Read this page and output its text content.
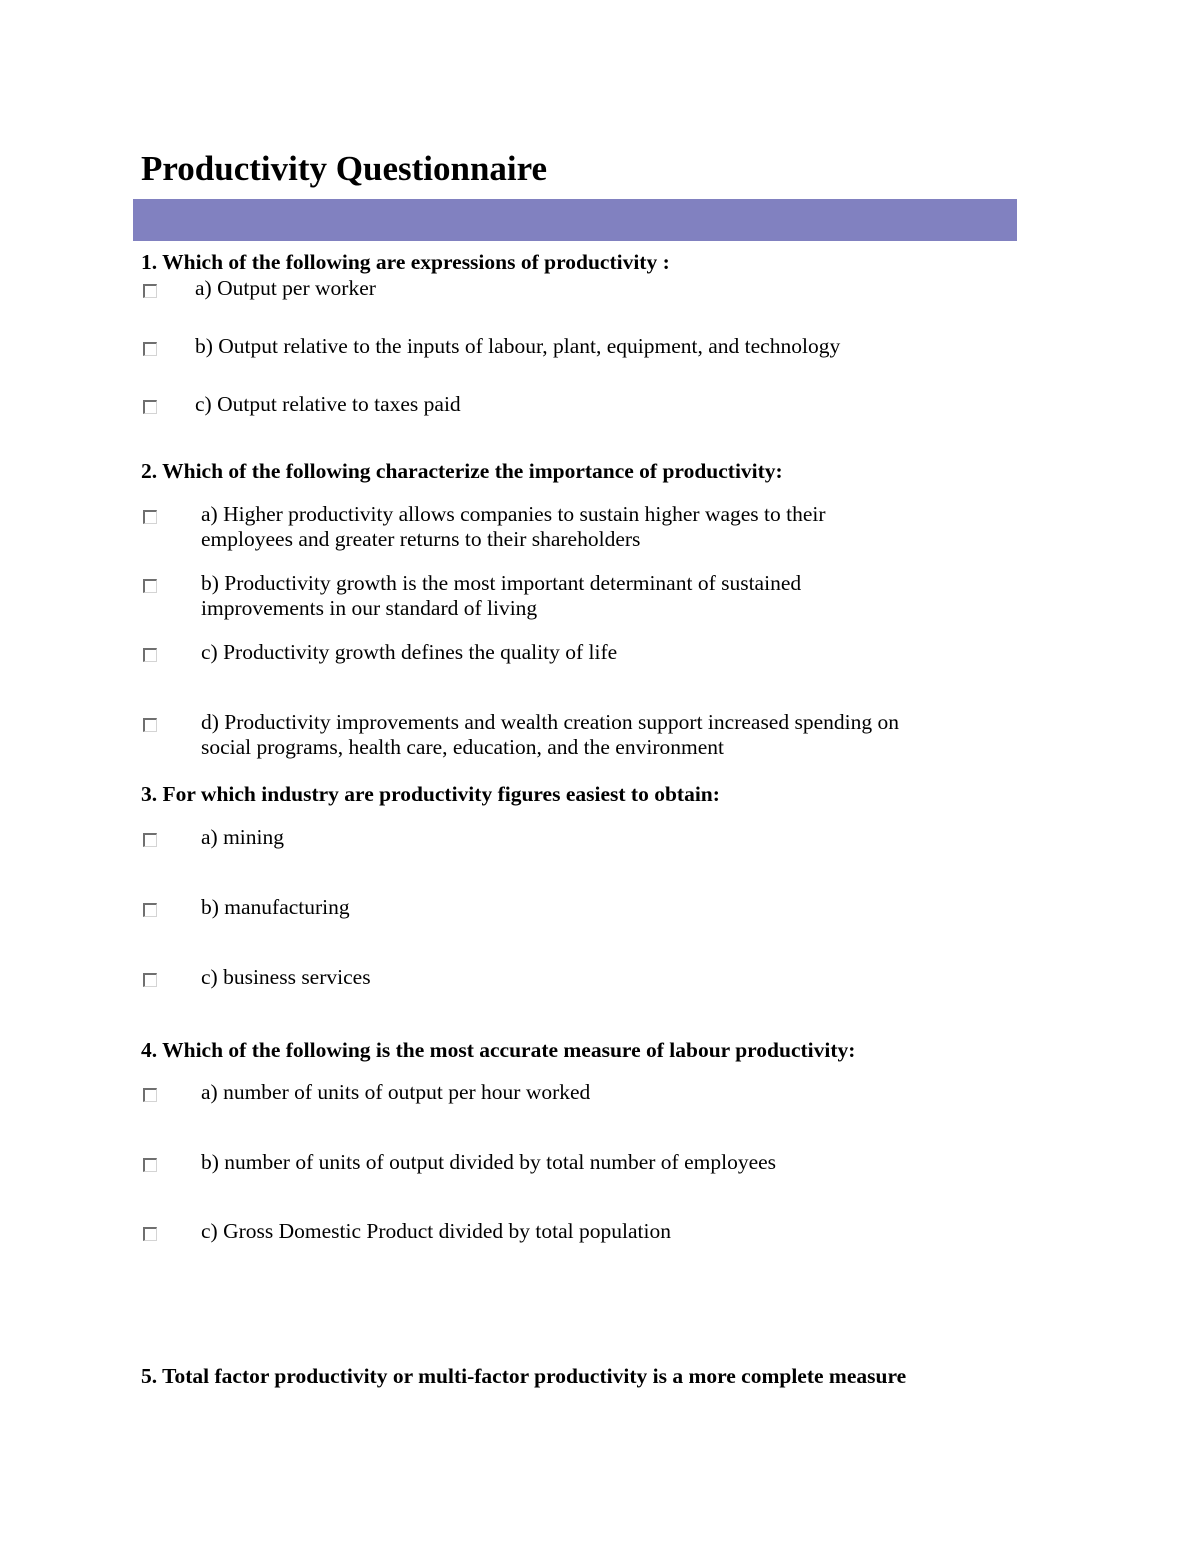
Productivity Questionnaire
1. Which of the following are expressions of productivity :
a) Output per worker
b) Output relative to the inputs of labour, plant, equipment, and technology
c) Output relative to taxes paid
2. Which of the following characterize the importance of productivity:
a) Higher productivity allows companies to sustain higher wages to their
employees and greater returns to their shareholders
b) Productivity growth is the most important determinant of sustained
improvements in our standard of living
c) Productivity growth defines the quality of life
d) Productivity improvements and wealth creation support increased spending on
social programs, health care, education, and the environment
3. For which industry are productivity figures easiest to obtain:
a) mining
b) manufacturing
c) business services
4. Which of the following is the most accurate measure of labour productivity:
a) number of units of output per hour worked
b) number of units of output divided by total number of employees
c) Gross Domestic Product divided by total population
5. Total factor productivity or multi-factor productivity is a more complete measure
